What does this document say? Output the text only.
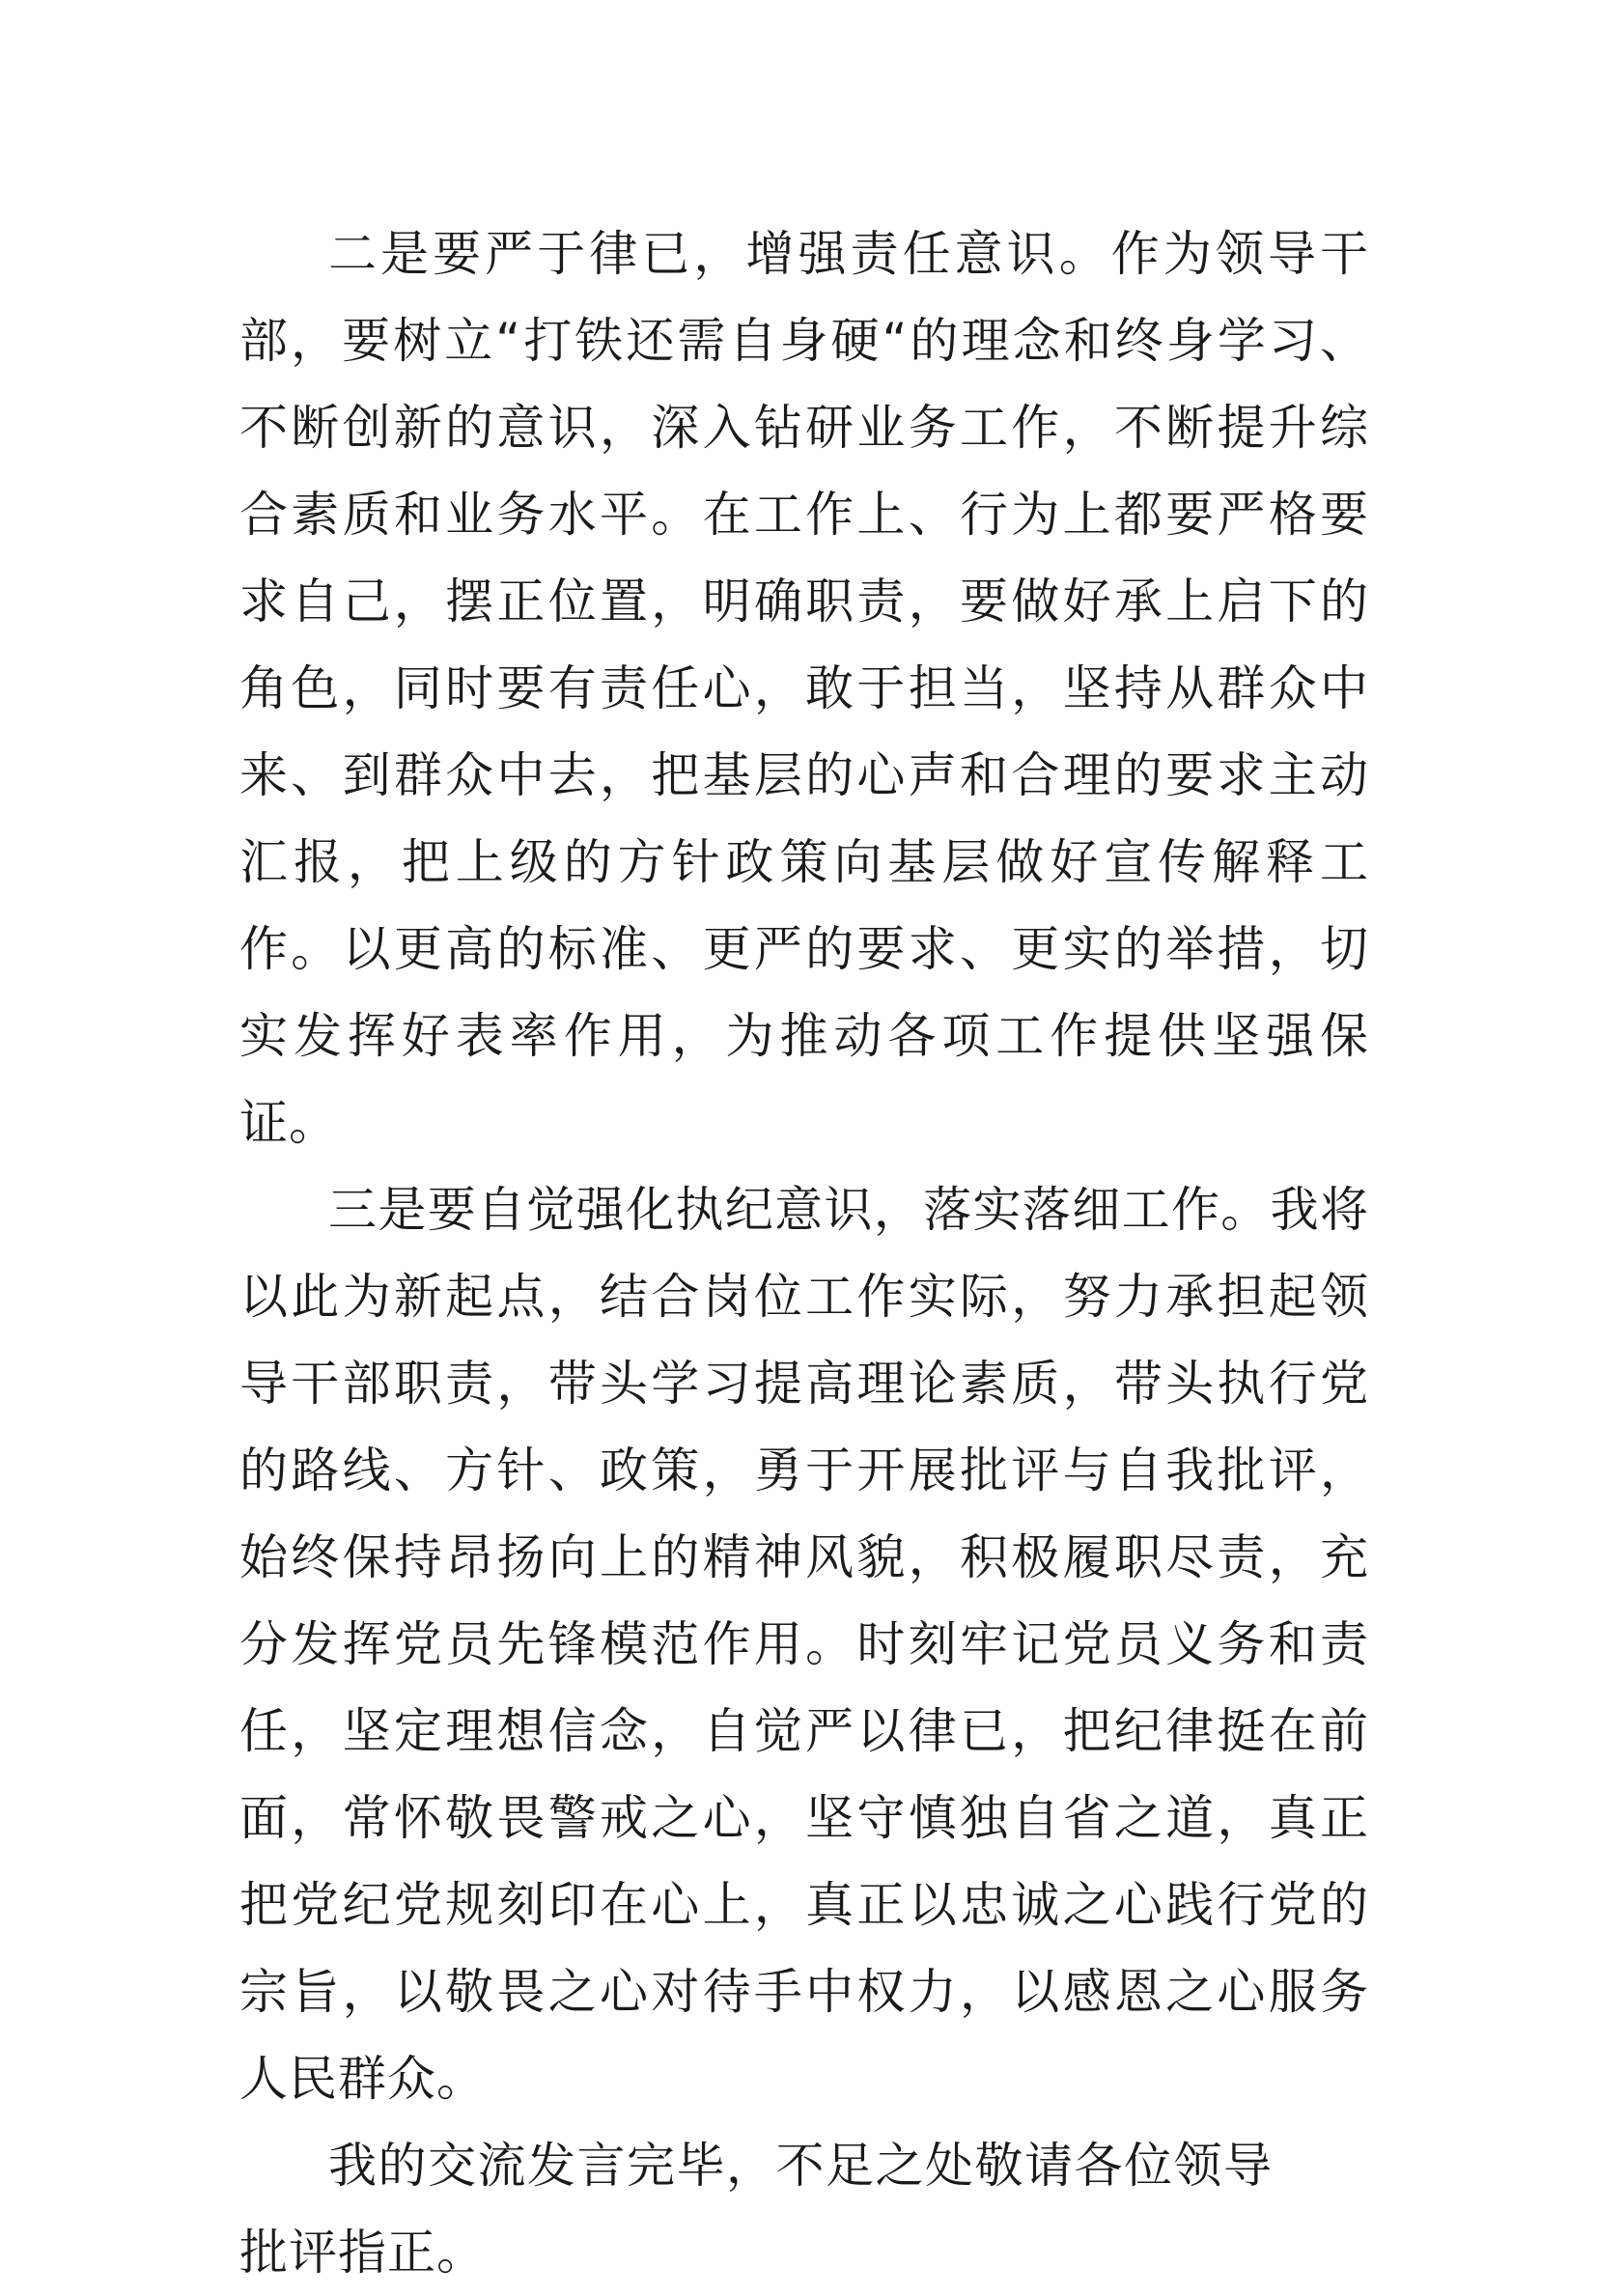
二是要严于律已，增强责任意识。作为领导干部，要树立“打铁还需自身硬“的理念和终身学习、不断创新的意识，深入钻研业务工作，不断提升综合素质和业务水平。在工作上、行为上都要严格要求自己，摆正位置，明确职责，要做好承上启下的角色，同时要有责任心，敢于担当，坚持从群众中来、到群众中去，把基层的心声和合理的要求主动汇报，把上级的方针政策向基层做好宣传解释工作。以更高的标准、更严的要求、更实的举措，切实发挥好表率作用，为推动各项工作提供坚强保证。

三是要自觉强化执纪意识，落实落细工作。我将以此为新起点，结合岗位工作实际，努力承担起领导干部职责，带头学习提高理论素质，带头执行党的路线、方针、政策，勇于开展批评与自我批评，始终保持昂扬向上的精神风貌，积极履职尽责，充分发挥党员先锋模范作用。时刻牢记党员义务和责任，坚定理想信念，自觉严以律已，把纪律挺在前面，常怀敬畏警戒之心，坚守慎独自省之道，真正把党纪党规刻印在心上，真正以忠诚之心践行党的宗旨，以敬畏之心对待手中权力，以感恩之心服务人民群众。

我的交流发言完毕，不足之处敬请各位领导批评指正。
